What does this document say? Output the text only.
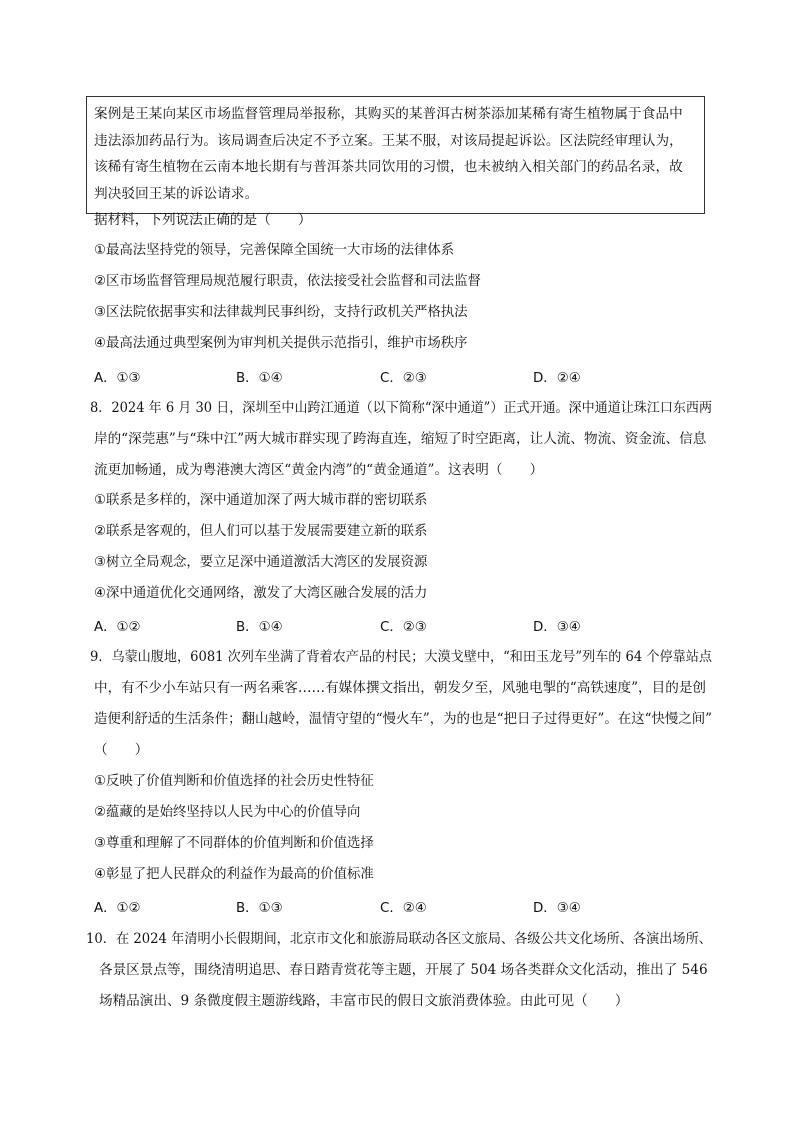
案例是王某向某区市场监督管理局举报称，其购买的某普洱古树茶添加某稀有寄生植物属于食品中

违法添加药品行为。该局调查后决定不予立案。王某不服，对该局提起诉讼。区法院经审理认为，

该稀有寄生植物在云南本地长期有与普洱茶共同饮用的习惯，也未被纳入相关部门的药品名录，故

判决驳回王某的诉讼请求。

据材料，下列说法正确的是（　　）
①最高法坚持党的领导，完善保障全国统一大市场的法律体系
②区市场监督管理局规范履行职责，依法接受社会监督和司法监督
③区法院依据事实和法律裁判民事纠纷，支持行政机关严格执法
④最高法通过典型案例为审判机关提供示范指引，维护市场秩序
A．①③	B．①④	C．②③	D．②④
8．2024 年 6 月 30 日，深圳至中山跨江通道（以下简称“深中通道”）正式开通。深中通道让珠江口东西两
岸的“深莞惠”与“珠中江”两大城市群实现了跨海直连，缩短了时空距离，让人流、物流、资金流、信息
流更加畅通，成为粤港澳大湾区“黄金内湾”的“黄金通道”。这表明（　　）
①联系是多样的，深中通道加深了两大城市群的密切联系
②联系是客观的，但人们可以基于发展需要建立新的联系
③树立全局观念，要立足深中通道激活大湾区的发展资源
④深中通道优化交通网络，激发了大湾区融合发展的活力
A．①②	B．①④	C．②③	D．③④
9．乌蒙山腹地，6081 次列车坐满了背着农产品的村民；大漠戈壁中，“和田玉龙号”列车的 64 个停靠站点
中，有不少小车站只有一两名乘客……有媒体撰文指出，朝发夕至，风驰电掣的“高铁速度”，目的是创
造便利舒适的生活条件；翻山越岭，温情守望的“慢火车”，为的也是“把日子过得更好”。在这“快慢之间”
（　　）
①反映了价值判断和价值选择的社会历史性特征
②蕴藏的是始终坚持以人民为中心的价值导向
③尊重和理解了不同群体的价值判断和价值选择
④彰显了把人民群众的利益作为最高的价值标准
A．①②	B．①③	C．②④	D．③④
10．在 2024 年清明小长假期间，北京市文化和旅游局联动各区文旅局、各级公共文化场所、各演出场所、
各景区景点等，围绕清明追思、春日踏青赏花等主题，开展了 504 场各类群众文化活动，推出了 546
场精品演出、9 条微度假主题游线路，丰富市民的假日文旅消费体验。由此可见（　　）
